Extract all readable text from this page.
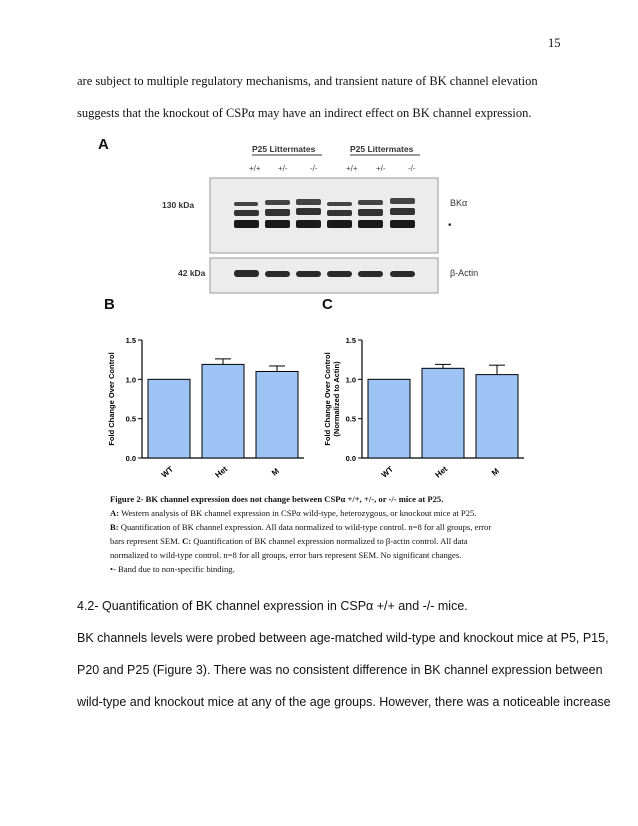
15
are subject to multiple regulatory mechanisms, and transient nature of BK channel elevation
suggests that the knockout of CSPα may have an indirect effect on BK channel expression.
A	P25 Littermates	P25 Littermates
+/+ +/-	-/-	+/+ +/-	-/-
130 kDa	BKα
•
42 kDa	β-Actin
B	C
0.0
0.5
1.0
1.5
Fold Change Over Control
WT	Het	M
0.0
0.5
1.0
1.5
Fold Change Over Control (Normalized to Actin)
WT	Het	M
Figure 2- BK channel expression does not change between CSPα +/+, +/-, or -/- mice at P25.
A: Western analysis of BK channel expression in CSPα wild-type, heterozygous, or knockout mice at P25.
B: Quantification of BK channel expression. All data normalized to wild-type control. n=8 for all groups, error
bars represent SEM. C: Quantification of BK channel expression normalized to β-actin control. All data
normalized to wild-type control. n=8 for all groups, error bars represent SEM. No significant changes.
•- Band due to non-specific binding.
4.2- Quantification of BK channel expression in CSPα +/+ and -/- mice.
BK channels levels were probed between age-matched wild-type and knockout mice at P5, P15,
P20 and P25 (Figure 3). There was no consistent difference in BK channel expression between
wild-type and knockout mice at any of the age groups. However, there was a noticeable increase
